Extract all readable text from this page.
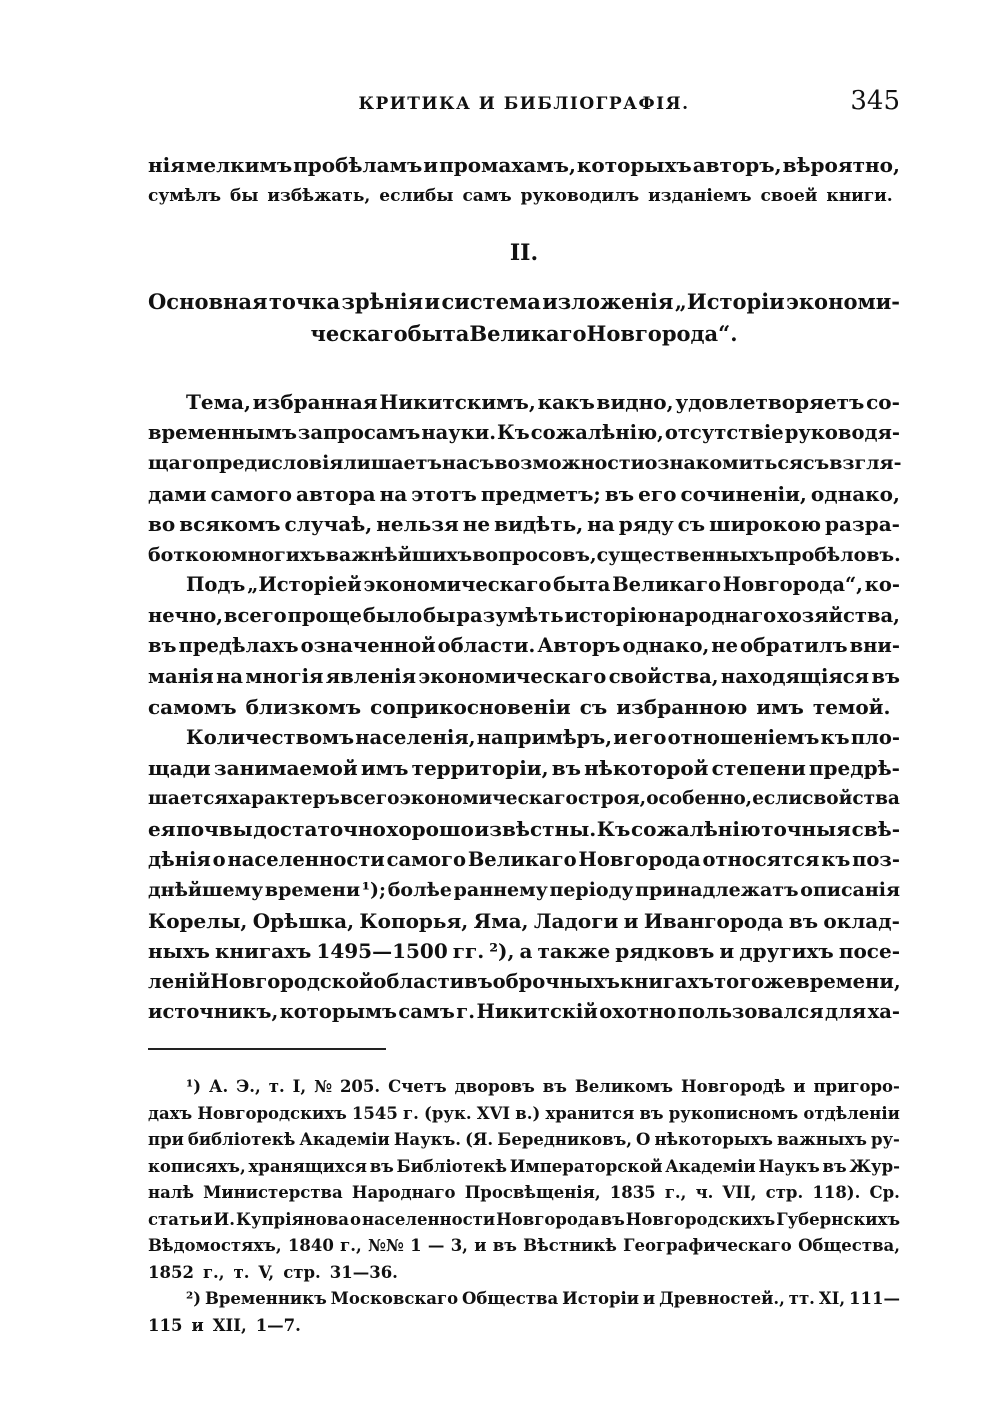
КРИТИКА И БИБЛІОГРАФІЯ.	345
нія мелкимъ пробѣламъ и промахамъ, которыхъ авторъ, вѣроятно,
сумѣлъ бы избѣжать, еслибы самъ руководилъ изданіемъ своей книги.
II.
Основная точка зрѣнія и система изложенія „Исторіи экономи-
ческаго быта Великаго Новгорода“.
Тема, избранная Никитскимъ, какъ видно, удовлетворяетъ со-
временнымъ запросамъ науки. Къ сожалѣнію, отсутствіе руководя-
щаго предисловія лишаетъ насъ возможности ознакомиться съ взгля-
дами самого автора на этотъ предметъ; въ его сочиненіи, однако,
во всякомъ случаѣ, нельзя не видѣть, на ряду съ широкою разра-
боткою многихъ важнѣйшихъ вопросовъ, существенныхъ пробѣловъ.
Подъ „Исторіей экономическаго быта Великаго Новгорода“, ко-
нечно, всего проще было бы разумѣть исторію народнаго хозяйства,
въ предѣлахъ означенной области. Авторъ однако, не обратилъ вни-
манія на многія явленія экономическаго свойства, находящіяся въ
самомъ близкомъ соприкосновеніи съ избранною имъ темой.
Количествомъ населенія, напримѣръ, и его отношеніемъ къ пло-
щади занимаемой имъ территоріи, въ нѣкоторой степени предрѣ-
шается характеръ всего экономическаго строя, особенно, если свойства
ея почвы достаточно хорошо извѣстны. Къ сожалѣнію точныя свѣ-
дѣнія о населенности самого Великаго Новгорода относятся къ поз-
днѣйшему времени ¹); болѣе раннему періоду принадлежатъ описанія
Корелы, Орѣшка, Копорья, Яма, Ладоги и Ивангорода въ оклад-
ныхъ книгахъ 1495—1500 гг. ²), а также рядковъ и другихъ посе-
леній Новгородской области въ оброчныхъ книгахъ того же времени,
источникъ, которымъ самъ г. Никитскій охотно пользовался для ха-
¹) А. Э., т. I, № 205. Счетъ дворовъ въ Великомъ Новгородѣ и пригоро-
дахъ Новгородскихъ 1545 г. (рук. XVI в.) хранится въ рукописномъ отдѣленіи
при библіотекѣ Академіи Наукъ. (Я. Бередниковъ, О нѣкоторыхъ важныхъ ру-
кописяхъ, хранящихся въ Библіотекѣ Императорской Академіи Наукъ въ Жур-
налѣ Министерства Народнаго Просвѣщенія, 1835 г., ч. VII, стр. 118). Ср.
статьи И. Купріянова о населенности Новгорода въ Новгородскихъ Губернскихъ
Вѣдомостяхъ, 1840 г., №№ 1 — 3, и въ Вѣстникѣ Географическаго Общества,
1852 г., т. V, стр. 31—36.
²) Временникъ Московскаго Общества Исторіи и Древностей., тт. XI, 111—
115 и XII, 1—7.
